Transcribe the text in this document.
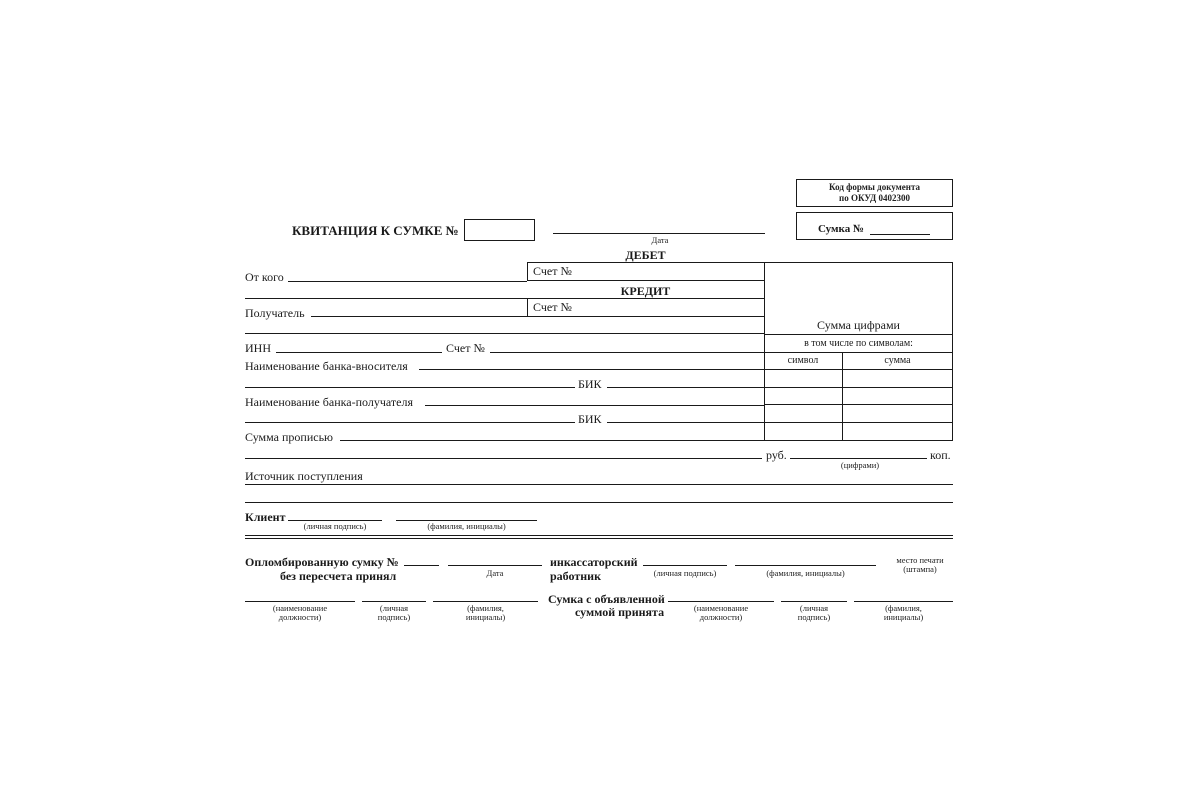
Код формы документа
по ОКУД 0402300
Сумка №
КВИТАНЦИЯ К СУМКЕ №
Дата
ДЕБЕТ
Счет №
КРЕДИТ
Счет №
Сумма цифрами
в том числе по символам:
символ	сумма
От кого
Получатель
ИНН	Счет №
Наименование банка-вносителя
БИК
Наименование банка-получателя
БИК
Сумма прописью
руб.
(цифрами)
коп.
Источник поступления
Клиент
(личная подпись)	(фамилия, инициалы)
Опломбированную сумку №
без пересчета принял	Дата
инкассаторский
работник	(личная подпись)	(фамилия, инициалы)
место печати
(штампа)
(наименование
должности)
(личная
подпись)
(фамилия,
инициалы)
Сумка с объявленной
суммой принята	(наименование
должности)
(личная
подпись)
(фамилия,
инициалы)
